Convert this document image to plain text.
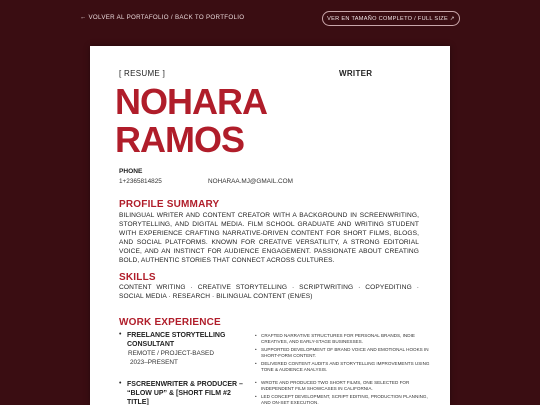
← VOLVER AL PORTAFOLIO / BACK TO PORTFOLIO	VER EN TAMAÑO COMPLETO / FULL SIZE ↗
[ RESUME ]	WRITER
NOHARA
RAMOS
PHONE
1+2365814825	NOHARAA.MJ@GMAIL.COM
PROFILE SUMMARY
BILINGUAL WRITER AND CONTENT CREATOR WITH A BACKGROUND IN SCREENWRITING, STORYTELLING, AND DIGITAL MEDIA. FILM SCHOOL GRADUATE AND WRITING STUDENT WITH EXPERIENCE CRAFTING NARRATIVE-DRIVEN CONTENT FOR SHORT FILMS, BLOGS, AND SOCIAL PLATFORMS. KNOWN FOR CREATIVE VERSATILITY, A STRONG EDITORIAL VOICE, AND AN INSTINCT FOR AUDIENCE ENGAGEMENT. PASSIONATE ABOUT CREATING BOLD, AUTHENTIC STORIES THAT CONNECT ACROSS CULTURES.
SKILLS
CONTENT WRITING · CREATIVE STORYTELLING · SCRIPTWRITING · COPYEDITING · SOCIAL MEDIA · RESEARCH · BILINGUAL CONTENT (EN/ES)
WORK EXPERIENCE
• FREELANCE STORYTELLING
CONSULTANT
REMOTE / PROJECT-BASED
2023–PRESENT
• CRAFTED NARRATIVE STRUCTURES FOR PERSONAL BRANDS, INDIE CREATIVES, AND EARLY-STAGE BUSINESSES.
• SUPPORTED DEVELOPMENT OF BRAND VOICE AND EMOTIONAL HOOKS IN SHORT-FORM CONTENT.
• DELIVERED CONTENT AUDITS AND STORYTELLING IMPROVEMENTS USING TONE & AUDIENCE ANALYSIS.
• FSCREENWRITER & PRODUCER –
“BLOW UP” & [SHORT FILM #2
TITLE]
• WROTE AND PRODUCED TWO SHORT FILMS, ONE SELECTED FOR INDEPENDENT FILM SHOWCASES IN CALIFORNIA.
• LED CONCEPT DEVELOPMENT, SCRIPT EDITING, PRODUCTION PLANNING, AND ON-SET EXECUTION.
